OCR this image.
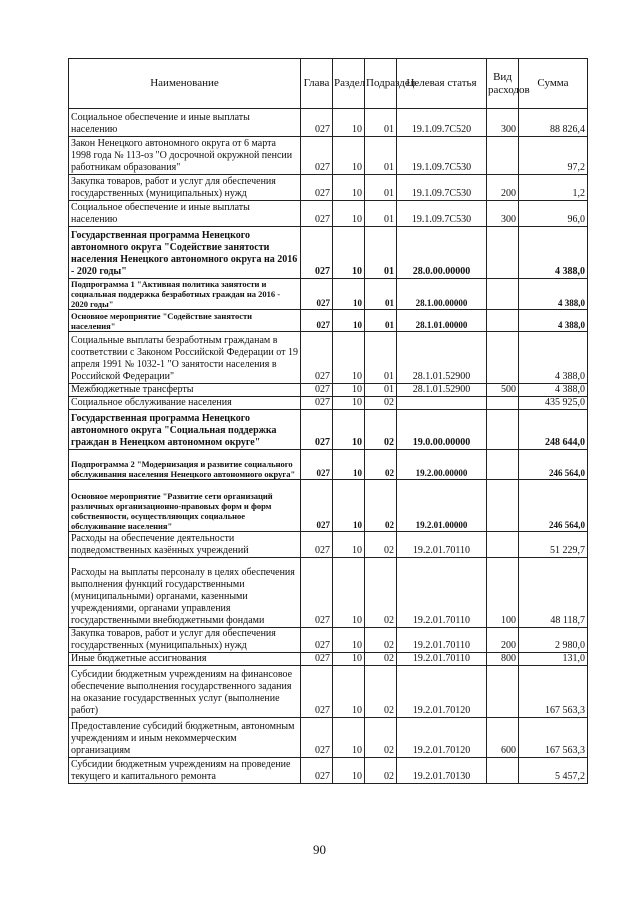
Наименование	Глава	Раздел	Подраздел	Целевая статья	Вид расходов	Сумма
Социальное обеспечение и иные выплаты населению	027	10	01	19.1.09.7С520	300	88 826,4
Закон Ненецкого автономного округа от 6 марта 1998 года № 113-оз "О досрочной окружной пенсии работникам образования"	027	10	01	19.1.09.7С530		97,2
Закупка товаров, работ и услуг для обеспечения государственных (муниципальных) нужд	027	10	01	19.1.09.7С530	200	1,2
Социальное обеспечение и иные выплаты населению	027	10	01	19.1.09.7С530	300	96,0
Государственная программа Ненецкого автономного округа "Содействие занятости населения Ненецкого автономного округа на 2016 - 2020 годы"	027	10	01	28.0.00.00000		4 388,0
Подпрограмма 1 "Активная политика занятости и социальная поддержка безработных граждан на 2016 - 2020 годы"	027	10	01	28.1.00.00000		4 388,0
Основное мероприятие "Содействие занятости населения"	027	10	01	28.1.01.00000		4 388,0
Социальные выплаты безработным гражданам в соответствии с Законом Российской Федерации от 19 апреля 1991 № 1032-1 "О занятости населения в Российской Федерации"	027	10	01	28.1.01.52900		4 388,0
Межбюджетные трансферты	027	10	01	28.1.01.52900	500	4 388,0
Социальное обслуживание населения	027	10	02			435 925,0
Государственная программа Ненецкого автономного округа "Социальная поддержка граждан в Ненецком автономном округе"	027	10	02	19.0.00.00000		248 644,0
Подпрограмма 2 "Модернизация и развитие социального обслуживания населения Ненецкого автономного округа"	027	10	02	19.2.00.00000		246 564,0
Основное мероприятие "Развитие сети организаций различных организационно-правовых форм и форм собственности, осуществляющих социальное обслуживание населения"	027	10	02	19.2.01.00000		246 564,0
Расходы на обеспечение деятельности подведомственных казённых учреждений	027	10	02	19.2.01.70110		51 229,7
Расходы на выплаты персоналу в целях обеспечения выполнения функций государственными (муниципальными) органами, казенными учреждениями, органами управления государственными внебюджетными фондами	027	10	02	19.2.01.70110	100	48 118,7
Закупка товаров, работ и услуг для обеспечения государственных (муниципальных) нужд	027	10	02	19.2.01.70110	200	2 980,0
Иные бюджетные ассигнования	027	10	02	19.2.01.70110	800	131,0
Субсидии бюджетным учреждениям на финансовое обеспечение выполнения государственного задания на оказание государственных услуг (выполнение работ)	027	10	02	19.2.01.70120		167 563,3
Предоставление субсидий бюджетным, автономным учреждениям и иным некоммерческим организациям	027	10	02	19.2.01.70120	600	167 563,3
Субсидии бюджетным учреждениям на проведение текущего и капитального ремонта	027	10	02	19.2.01.70130		5 457,2
90
